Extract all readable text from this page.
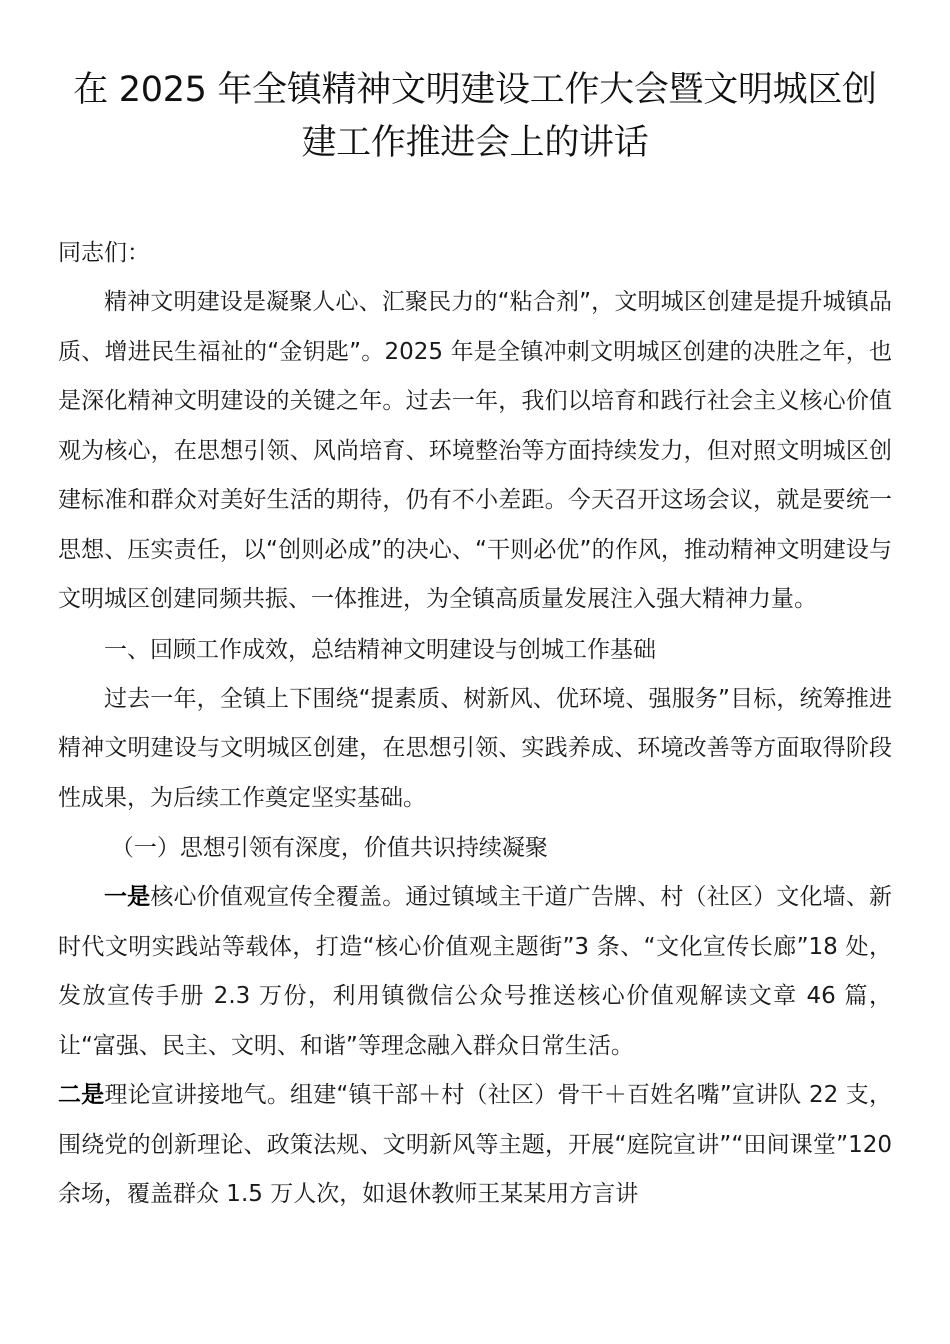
在 2025 年全镇精神文明建设工作大会暨文明城区创
建工作推进会上的讲话
同志们：

精神文明建设是凝聚人心、汇聚民力的“粘合剂”，文明城区创建是提升城镇品质、增进民生福祉的“金钥匙”。2025 年是全镇冲刺文明城区创建的决胜之年，也是深化精神文明建设的关键之年。过去一年，我们以培育和践行社会主义核心价值观为核心，在思想引领、风尚培育、环境整治等方面持续发力，但对照文明城区创建标准和群众对美好生活的期待，仍有不小差距。今天召开这场会议，就是要统一思想、压实责任，以“创则必成”的决心、“干则必优”的作风，推动精神文明建设与文明城区创建同频共振、一体推进，为全镇高质量发展注入强大精神力量。

一、回顾工作成效，总结精神文明建设与创城工作基础

过去一年，全镇上下围绕“提素质、树新风、优环境、强服务”目标，统筹推进精神文明建设与文明城区创建，在思想引领、实践养成、环境改善等方面取得阶段性成果，为后续工作奠定坚实基础。

（一）思想引领有深度，价值共识持续凝聚

一是核心价值观宣传全覆盖。通过镇域主干道广告牌、村（社区）文化墙、新时代文明实践站等载体，打造“核心价值观主题街”3 条、“文化宣传长廊”18 处，发放宣传手册 2.3 万份，利用镇微信公众号推送核心价值观解读文章 46 篇，让“富强、民主、文明、和谐”等理念融入群众日常生活。

二是理论宣讲接地气。组建“镇干部＋村（社区）骨干＋百姓名嘴”宣讲队 22 支，围绕党的创新理论、政策法规、文明新风等主题，开展“庭院宣讲”“田间课堂”120 余场，覆盖群众 1.5 万人次，如退休教师王某某用方言讲
